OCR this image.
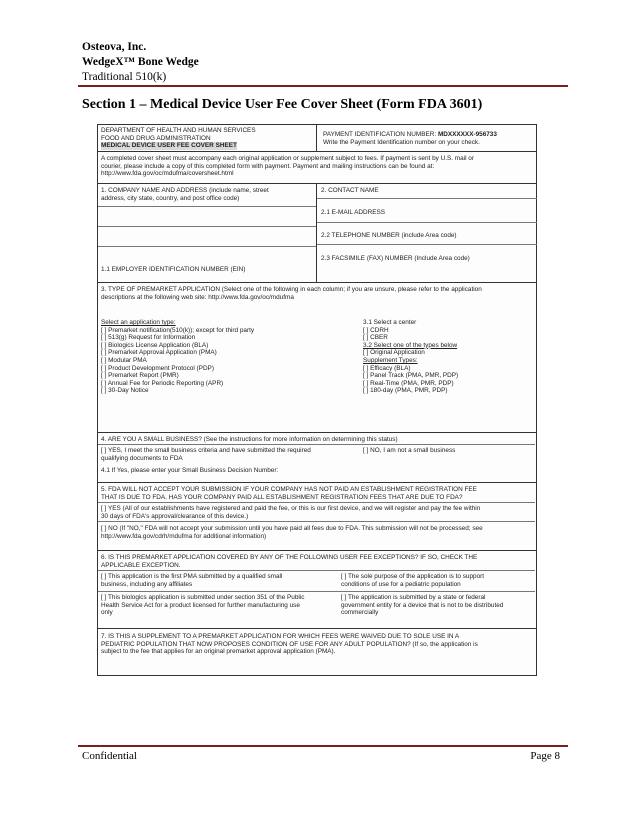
Osteova, Inc.
WedgeX™ Bone Wedge
Traditional 510(k)
Section 1 – Medical Device User Fee Cover Sheet (Form FDA 3601)
DEPARTMENT OF HEALTH AND HUMAN SERVICES
FOOD AND DRUG ADMINISTRATION
MEDICAL DEVICE USER FEE COVER SHEET
PAYMENT IDENTIFICATION NUMBER: MDXXXXXX-956733
Write the Payment Identification number on your check.
A completed cover sheet must accompany each original application or supplement subject to fees. If payment is sent by U.S. mail or
courier, please include a copy of this completed form with payment. Payment and mailing instructions can be found at:
http://www.fda.gov/oc/mdufma/coversheet.html
1. COMPANY NAME AND ADDRESS (include name, street
address, city state, country, and post office code)
1.1 EMPLOYER IDENTIFICATION NUMBER (EIN)
2. CONTACT NAME
2.1 E-MAIL ADDRESS
2.2 TELEPHONE NUMBER (include Area code)
2.3 FACSIMILE (FAX) NUMBER (Include Area code)
3. TYPE OF PREMARKET APPLICATION (Select one of the following in each column; if you are unsure, please refer to the application
descriptions at the following web site: http://www.fda.gov/oc/mdufma
Select an application type:
[ ] Premarket notification(510(k)); except for third party
[ ] 513(g) Request for Information
[ ] Biologics License Application (BLA)
[ ] Premarket Approval Application (PMA)
[ ] Modular PMA
[ ] Product Development Protocol (PDP)
[ ] Premarket Report (PMR)
[ ] Annual Fee for Periodic Reporting (APR)
[ ] 30-Day Notice
3.1 Select a center
[ ] CDRH
[ ] CBER
3.2 Select one of the types below
[ ] Original Application
Supplement Types:
[ ] Efficacy (BLA)
[ ] Panel Track (PMA, PMR, PDP)
[ ] Real-Time (PMA, PMR, PDP)
[ ] 180-day (PMA, PMR, PDP)
4. ARE YOU A SMALL BUSINESS? (See the instructions for more information on determining this status)
[ ] YES, I meet the small business criteria and have submitted the required
qualifying documents to FDA
[ ] NO, I am not a small business
4.1 If Yes, please enter your Small Business Decision Number:
5. FDA WILL NOT ACCEPT YOUR SUBMISSION IF YOUR COMPANY HAS NOT PAID AN ESTABLISHMENT REGISTRATION FEE
THAT IS DUE TO FDA. HAS YOUR COMPANY PAID ALL ESTABLISHMENT REGISTRATION FEES THAT ARE DUE TO FDA?
[ ] YES (All of our establishments have registered and paid the fee, or this is our first device, and we will register and pay the fee within
30 days of FDA's approval/clearance of this device.)
[ ] NO (If "NO," FDA will not accept your submission until you have paid all fees due to FDA. This submission will not be processed; see
http://www.fda.gov/cdrh/mdufma for additional information)
6. IS THIS PREMARKET APPLICATION COVERED BY ANY OF THE FOLLOWING USER FEE EXCEPTIONS? IF SO, CHECK THE
APPLICABLE EXCEPTION.
[ ] This application is the first PMA submitted by a qualified small
business, including any affiliates
[ ] The sole purpose of the application is to support
conditions of use for a pediatric population
[ ] This biologics application is submitted under section 351 of the Public
Health Service Act for a product licensed for further manufacturing use
only
[ ] The application is submitted by a state or federal
government entity for a device that is not to be distributed
commercially
7. IS THIS A SUPPLEMENT TO A PREMARKET APPLICATION FOR WHICH FEES WERE WAIVED DUE TO SOLE USE IN A
PEDIATRIC POPULATION THAT NOW PROPOSES CONDITION OF USE FOR ANY ADULT POPULATION? (If so, the application is
subject to the fee that applies for an original premarket approval application (PMA).
Confidential	Page 8
